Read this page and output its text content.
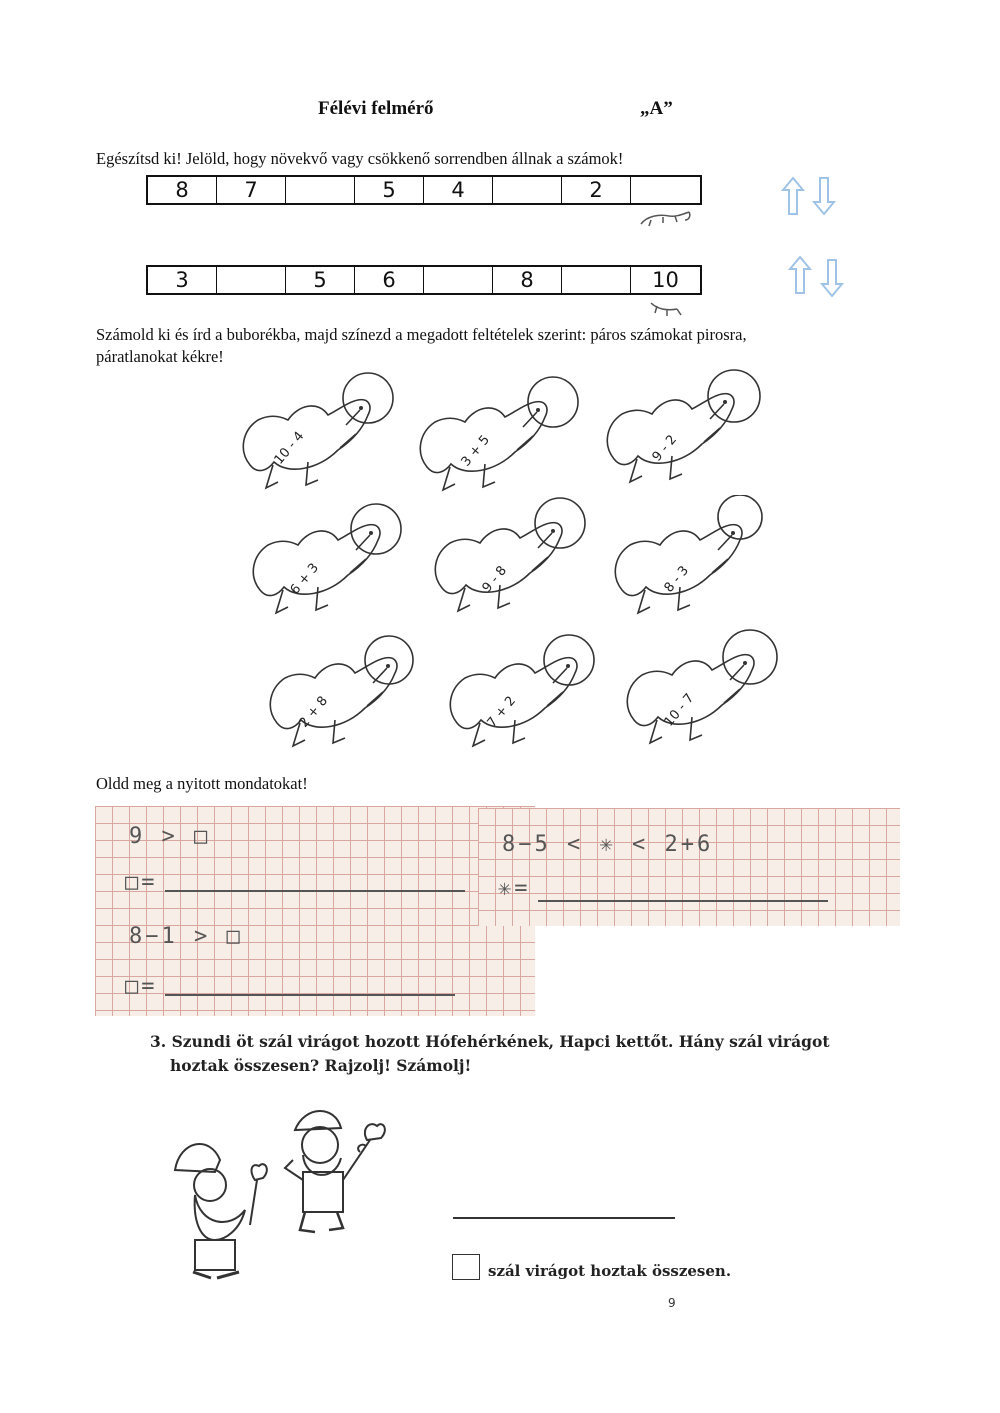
Félévi felmérő	„A”
Egészítsd ki! Jelöld, hogy növekvő vagy csökkenő sorrendben állnak a számok!
8	7	5	4	2
3	5	6	8	10
Számold ki és írd a buborékba, majd színezd a megadott feltételek szerint: páros számokat pirosra,
páratlanokat kékre!
10 - 4	3 + 5	9 - 2
6 + 3	9 - 8	8 - 3
2 + 8	7 + 2	10 - 7
Oldd meg a nyitott mondatokat!
9 > □
□=
8−1 > □
□=
8−5 < ✳ < 2+6
✳=
3. Szundi öt szál virágot hozott Hófehérkének, Hapci kettőt. Hány szál virágot
hoztak összesen? Rajzolj! Számolj!
szál virágot hoztak összesen.
9
